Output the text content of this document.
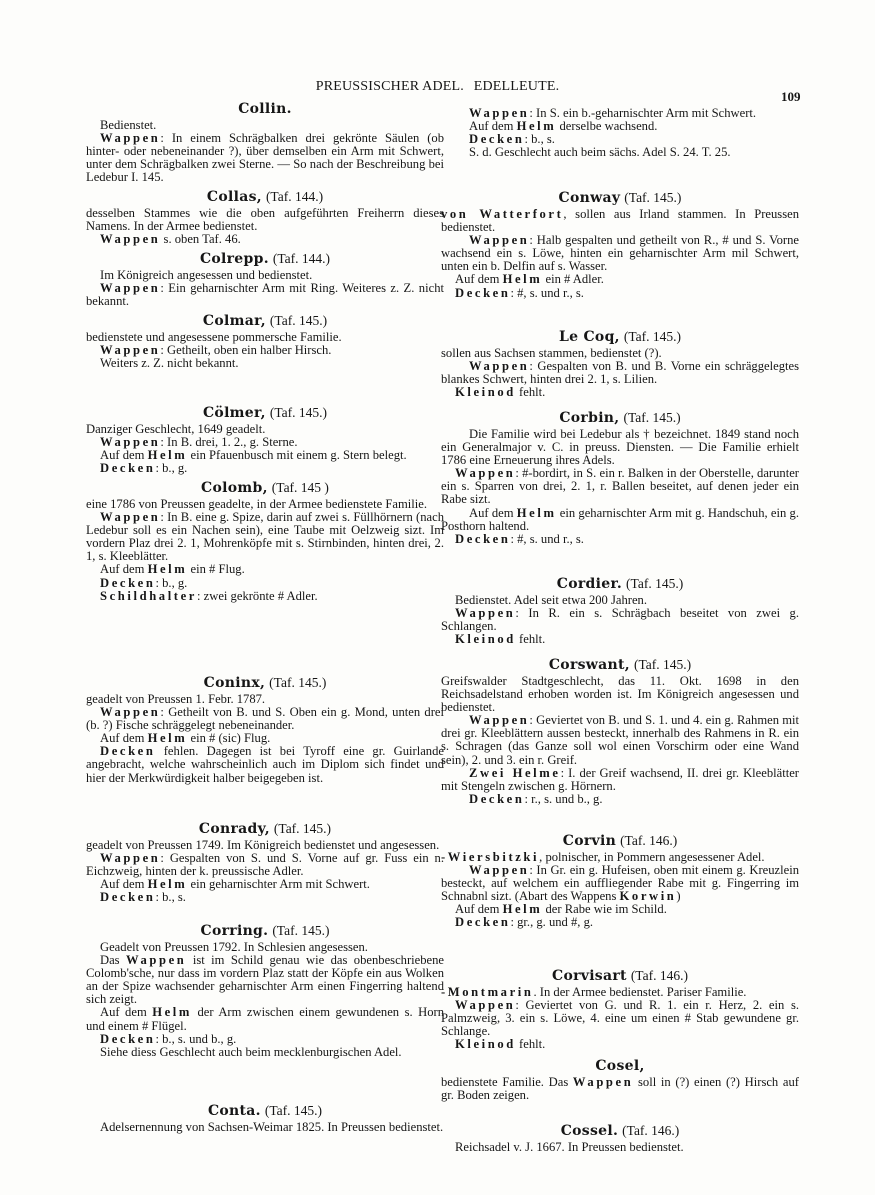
PREUSSISCHER ADEL. EDELLEUTE.
109
Collin.

Bedienstet.

Wappen: In einem Schrägbalken drei gekrönte Säulen (ob hinter- oder nebeneinander ?), über demselben ein Arm mit Schwert, unter dem Schrägbalken zwei Sterne. — So nach der Beschreibung bei Ledebur I. 145.

Collas, (Taf. 144.)

desselben Stammes wie die oben aufgeführten Freiherrn dieses Namens. In der Armee bedienstet.

Wappen s. oben Taf. 46.

Colrepp. (Taf. 144.)

Im Königreich angesessen und bedienstet.

Wappen: Ein geharnischter Arm mit Ring. Weiteres z. Z. nicht bekannt.

Colmar, (Taf. 145.)

bedienstete und angesessene pommersche Familie.

Wappen: Getheilt, oben ein halber Hirsch.

Weiters z. Z. nicht bekannt.

Cölmer, (Taf. 145.)

Danziger Geschlecht, 1649 geadelt.

Wappen: In B. drei, 1. 2., g. Sterne.

Auf dem Helm ein Pfauenbusch mit einem g. Stern belegt.

Decken: b., g.

Colomb, (Taf. 145 )

eine 1786 von Preussen geadelte, in der Armee bedienstete Familie.

Wappen: In B. eine g. Spize, darin auf zwei s. Füllhörnern (nach Ledebur soll es ein Nachen sein), eine Taube mit Oelzweig sizt. Im vordern Plaz drei 2. 1, Mohrenköpfe mit s. Stirnbinden, hinten drei, 2. 1, s. Kleeblätter.

Auf dem Helm ein # Flug.

Decken: b., g.

Schildhalter: zwei gekrönte # Adler.

Coninx, (Taf. 145.)

geadelt von Preussen 1. Febr. 1787.

Wappen: Getheilt von B. und S. Oben ein g. Mond, unten drei (b. ?) Fische schräggelegt nebeneinander.

Auf dem Helm ein # (sic) Flug.

Decken fehlen. Dagegen ist bei Tyroff eine gr. Guirlande angebracht, welche wahrscheinlich auch im Diplom sich findet und hier der Merkwürdigkeit halber beigegeben ist.

Conrady, (Taf. 145.)

geadelt von Preussen 1749. Im Königreich bedienstet und angesessen.

Wappen: Gespalten von S. und S. Vorne auf gr. Fuss ein n. Eichzweig, hinten der k. preussische Adler.

Auf dem Helm ein geharnischter Arm mit Schwert.

Decken: b., s.

Corring. (Taf. 145.)

Geadelt von Preussen 1792. In Schlesien angesessen.

Das Wappen ist im Schild genau wie das obenbeschriebene Colomb'sche, nur dass im vordern Plaz statt der Köpfe ein aus Wolken an der Spize wachsender geharnischter Arm einen Fingerring haltend sich zeigt.

Auf dem Helm der Arm zwischen einem gewundenen s. Horn und einem # Flügel.

Decken: b., s. und b., g.

Siehe diess Geschlecht auch beim mecklenburgischen Adel.

Conta. (Taf. 145.)

Adelsernennung von Sachsen-Weimar 1825. In Preussen bedienstet.

Wappen: In S. ein b.-geharnischter Arm mit Schwert.

Auf dem Helm derselbe wachsend.

Decken: b., s.

S. d. Geschlecht auch beim sächs. Adel S. 24. T. 25.

Conway (Taf. 145.)

von Watterfort, sollen aus Irland stammen. In Preussen bedienstet.

Wappen: Halb gespalten und getheilt von R., # und S. Vorne wachsend ein s. Löwe, hinten ein geharnischter Arm mil Schwert, unten ein b. Delfin auf s. Wasser.

Auf dem Helm ein # Adler.

Decken: #, s. und r., s.

Le Coq, (Taf. 145.)

sollen aus Sachsen stammen, bedienstet (?).

Wappen: Gespalten von B. und B. Vorne ein schräggelegtes blankes Schwert, hinten drei 2. 1, s. Lilien.

Kleinod fehlt.

Corbin, (Taf. 145.)

Die Familie wird bei Ledebur als † bezeichnet. 1849 stand noch ein Generalmajor v. C. in preuss. Diensten. — Die Familie erhielt 1786 eine Erneuerung ihres Adels.

Wappen: #-bordirt, in S. ein r. Balken in der Oberstelle, darunter ein s. Sparren von drei, 2. 1, r. Ballen beseitet, auf denen jeder ein Rabe sizt.

Auf dem Helm ein geharnischter Arm mit g. Handschuh, ein g. Posthorn haltend.

Decken: #, s. und r., s.

Cordier. (Taf. 145.)

Bedienstet. Adel seit etwa 200 Jahren.

Wappen: In R. ein s. Schrägbach beseitet von zwei g. Schlangen.

Kleinod fehlt.

Corswant, (Taf. 145.)

Greifswalder Stadtgeschlecht, das 11. Okt. 1698 in den Reichsadelstand erhoben worden ist. Im Königreich angesessen und bedienstet.

Wappen: Geviertet von B. und S. 1. und 4. ein g. Rahmen mit drei gr. Kleeblättern aussen besteckt, innerhalb des Rahmens in R. ein s. Schragen (das Ganze soll wol einen Vorschirm oder eine Wand sein), 2. und 3. ein r. Greif.

Zwei Helme: I. der Greif wachsend, II. drei gr. Kleeblätter mit Stengeln zwischen g. Hörnern.

Decken: r., s. und b., g.

Corvin (Taf. 146.)

-Wiersbitzki, polnischer, in Pommern angesessener Adel.

Wappen: In Gr. ein g. Hufeisen, oben mit einem g. Kreuzlein besteckt, auf welchem ein auffliegender Rabe mit g. Fingerring im Schnabnl sizt. (Abart des Wappens Korwin)

Auf dem Helm der Rabe wie im Schild.

Decken: gr., g. und #, g.

Corvisart (Taf. 146.)

-Montmarin. In der Armee bedienstet. Pariser Familie.

Wappen: Geviertet von G. und R. 1. ein r. Herz, 2. ein s. Palmzweig, 3. ein s. Löwe, 4. eine um einen # Stab gewundene gr. Schlange.

Kleinod fehlt.

Cosel,

bedienstete Familie. Das Wappen soll in (?) einen (?) Hirsch auf gr. Boden zeigen.

Cossel. (Taf. 146.)

Reichsadel v. J. 1667. In Preussen bedienstet.
